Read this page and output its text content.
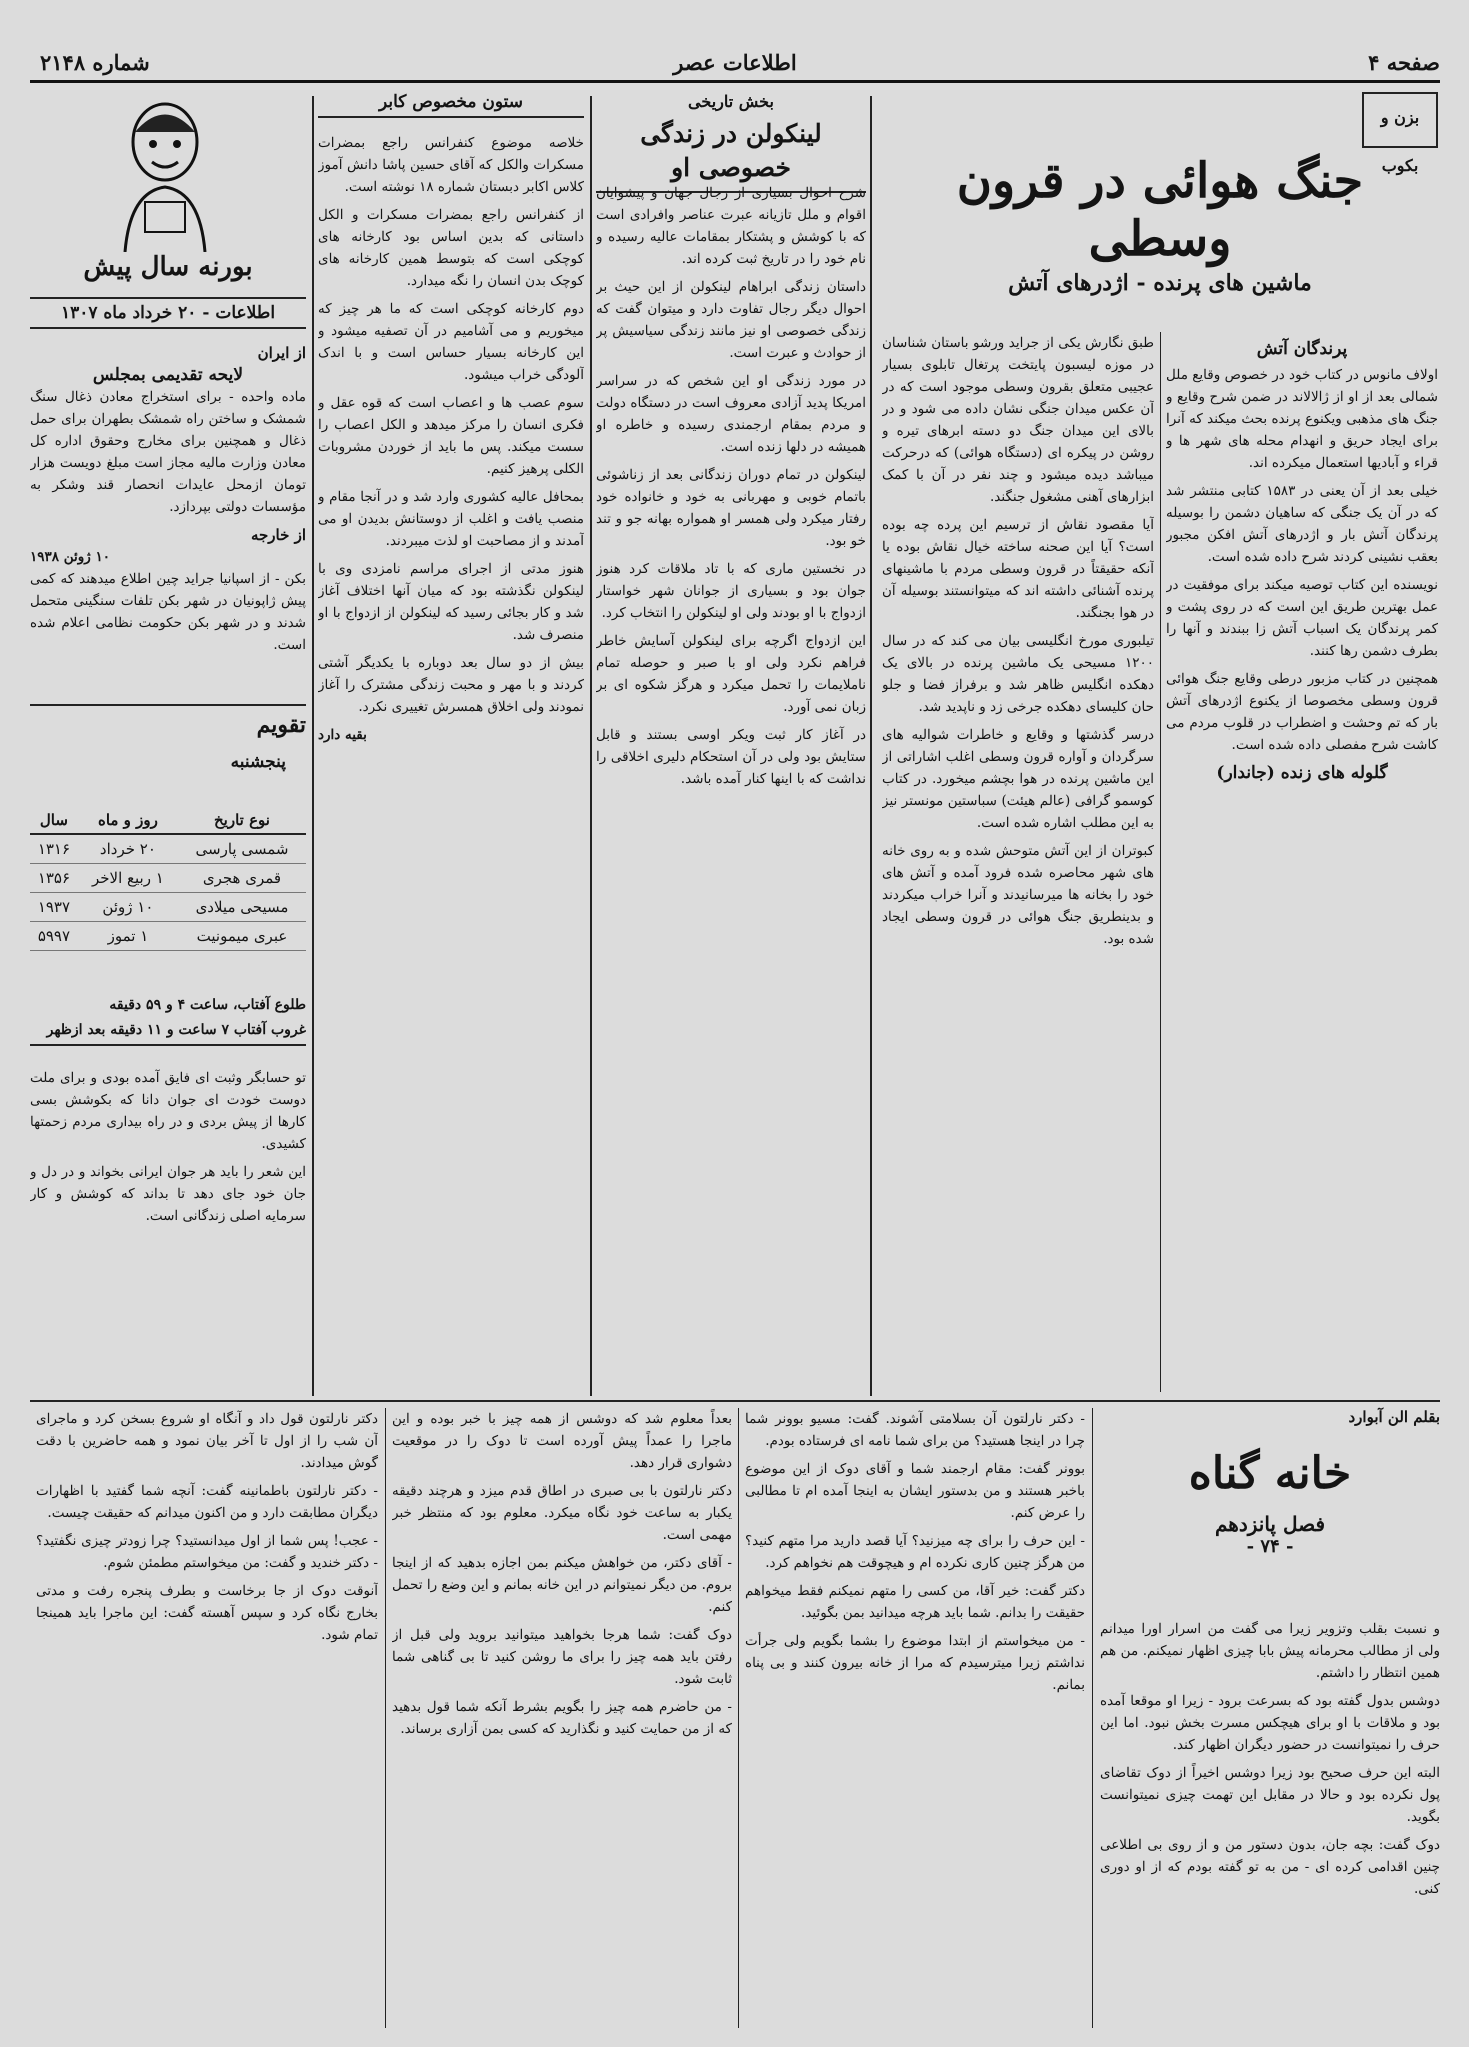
صفحه ۴
اطلاعات عصر
شماره ۲۱۴۸
بزن و بکوب
جنگ هوائی در قرون وسطی
ماشین های پرنده - اژدرهای آتش

طبق نگارش یکی از جراید ورشو باستان شناسان در موزه لیسبون پایتخت پرتغال تابلوی بسیار عجیبی متعلق بقرون وسطی موجود است که در آن عکس میدان جنگی نشان داده می شود و در بالای این میدان جنگ دو دسته ابرهای تیره و روشن در پیکره ای (دستگاه هوائی) که درحرکت میباشد دیده میشود و چند نفر در آن با کمک ابزارهای آهنی مشغول جنگند.

آیا مقصود نقاش از ترسیم این پرده چه بوده است؟ آیا این صحنه ساخته خیال نقاش بوده یا آنکه حقیقتاً در قرون وسطی مردم با ماشینهای پرنده آشنائی داشته اند که میتوانستند بوسیله آن در هوا بجنگند.

تیلبوری مورخ انگلیسی بیان می کند که در سال ۱۲۰۰ مسیحی یک ماشین پرنده در بالای یک دهکده انگلیس ظاهر شد و برفراز فضا و جلو حان کلیسای دهکده جرخی زد و ناپدید شد.

درسر گذشتها و وقایع و خاطرات شوالیه های سرگردان و آواره قرون وسطی اغلب اشاراتی از این ماشین پرنده در هوا بچشم میخورد. در کتاب کوسمو گرافی (عالم هیئت) سباستین مونستر نیز به این مطلب اشاره شده است.

کبوتران از این آتش متوحش شده و به روی خانه های شهر محاصره شده فرود آمده و آتش های خود را بخانه ها میرسانیدند و آنرا خراب میکردند و بدینطریق جنگ هوائی در قرون وسطی ایجاد شده بود.

پرندگان آتش

اولاف مانوس در کتاب خود در خصوص وقایع ملل شمالی بعد از او از ژالالاند در ضمن شرح وقایع و جنگ های مذهبی ویکنوع پرنده بحث میکند که آنرا برای ایجاد حریق و انهدام محله های شهر ها و قراء و آبادیها استعمال میکرده اند.

خیلی بعد از آن یعنی در ۱۵۸۳ کتابی منتشر شد که در آن یک جنگی که ساهیان دشمن را بوسیله پرندگان آتش بار و اژدرهای آتش افکن مجبور بعقب نشینی کردند شرح داده شده است.

نویسنده این کتاب توصیه میکند برای موفقیت در عمل بهترین طریق این است که در روی پشت و کمر پرندگان یک اسباب آتش زا ببندند و آنها را بطرف دشمن رها کنند.

همچنین در کتاب مزبور درطی وقایع جنگ هوائی قرون وسطی مخصوصا از یکنوع اژدرهای آتش بار که تم وحشت و اضطراب در قلوب مردم می کاشت شرح مفصلی داده شده است.

گلوله های زنده (جاندار)
بخش تاریخی
لینکولن در زندگی خصوصی او

شرح احوال بسیاری از رجال جهان و پیشوایان اقوام و ملل تازیانه عبرت عناصر وافرادی است که با کوشش و پشتکار بمقامات عالیه رسیده و نام خود را در تاریخ ثبت کرده اند.

داستان زندگی ابراهام لینکولن از این حیث بر احوال دیگر رجال تفاوت دارد و میتوان گفت که زندگی خصوصی او نیز مانند زندگی سیاسیش پر از حوادث و عبرت است.

در مورد زندگی او این شخص که در سراسر امریکا پدید آزادی معروف است در دستگاه دولت و مردم بمقام ارجمندی رسیده و خاطره او همیشه در دلها زنده است.

لینکولن در تمام دوران زندگانی بعد از زناشوئی باتمام خوبی و مهربانی به خود و خانواده خود رفتار میکرد ولی همسر او همواره بهانه جو و تند خو بود.

در نخستین ماری که با تاد ملاقات کرد هنوز جوان بود و بسیاری از جوانان شهر خواستار ازدواج با او بودند ولی او لینکولن را انتخاب کرد.

این ازدواج اگرچه برای لینکولن آسایش خاطر فراهم نکرد ولی او با صبر و حوصله تمام ناملایمات را تحمل میکرد و هرگز شکوه ای بر زبان نمی آورد.

در آغاز کار ثبت ویکر اوسی بستند و قابل ستایش بود ولی در آن استحکام دلیری اخلاقی را نداشت که با اینها کنار آمده باشد.

ستون مخصوص کابر

خلاصه موضوع کنفرانس راجع بمضرات مسکرات والکل که آقای حسین پاشا دانش آموز کلاس اکابر دبستان شماره ۱۸ نوشته است.

از کنفرانس راجع بمضرات مسکرات و الکل داستانی که بدین اساس بود کارخانه های کوچکی است که بتوسط همین کارخانه های کوچک بدن انسان را نگه میدارد.

دوم کارخانه کوچکی است که ما هر چیز که میخوریم و می آشامیم در آن تصفیه میشود و این کارخانه بسیار حساس است و با اندک آلودگی خراب میشود.

سوم عصب ها و اعصاب است که قوه عقل و فکری انسان را مرکز میدهد و الکل اعصاب را سست میکند. پس ما باید از خوردن مشروبات الکلی پرهیز کنیم.

بمحافل عالیه کشوری وارد شد و در آنجا مقام و منصب یافت و اغلب از دوستانش بدیدن او می آمدند و از مصاحبت او لذت میبردند.

هنوز مدتی از اجرای مراسم نامزدی وی با لینکولن نگذشته بود که میان آنها اختلاف آغاز شد و کار بجائی رسید که لینکولن از ازدواج با او منصرف شد.

بیش از دو سال بعد دوباره با یکدیگر آشتی کردند و با مهر و محبت زندگی مشترک را آغاز نمودند ولی اخلاق همسرش تغییری نکرد.

بقیه دارد

بورنه سال پیش
اطلاعات - ۲۰ خرداد ماه ۱۳۰۷
از ایران
لایحه تقدیمی بمجلس

ماده واحده - برای استخراج معادن ذغال سنگ شمشک و ساختن راه شمشک بطهران برای حمل ذغال و همچنین برای مخارج وحقوق اداره کل معادن وزارت مالیه مجاز است مبلغ دویست هزار تومان ازمحل عایدات انحصار قند وشکر به مؤسسات دولتی بپردازد.

از خارجه
۱۰ ژوئن ۱۹۳۸

بکن - از اسپانیا جراید چین اطلاع میدهند که کمی پیش ژاپونیان در شهر بکن تلفات سنگینی متحمل شدند و در شهر بکن حکومت نظامی اعلام شده است.

تقویم
پنجشنبه
نوع تاریخ	روز و ماه	سال
شمسی پارسی	۲۰ خرداد	۱۳۱۶
قمری هجری	۱ ربیع الاخر	۱۳۵۶
مسیحی میلادی	۱۰ ژوئن	۱۹۳۷
عبری میمونیت	۱ تموز	۵۹۹۷
طلوع آفتاب، ساعت ۴ و ۵۹ دقیقه
غروب آفتاب ۷ ساعت و ۱۱ دقیقه بعد ازظهر

تو حسابگر وثبت ای فایق آمده بودی و برای ملت دوست خودت ای جوان دانا که بکوشش بسی کارها از پیش بردی و در راه بیداری مردم زحمتها کشیدی.

این شعر را باید هر جوان ایرانی بخواند و در دل و جان خود جای دهد تا بداند که کوشش و کار سرمایه اصلی زندگانی است.

بقلم الن آبوارد
خانه گناه
فصل پانزدهم
- ۷۴ -

و نسبت بقلب وتزویر زیرا می گفت من اسرار اورا میدانم ولی از مطالب محرمانه پیش بابا چیزی اظهار نمیکنم. من هم همین انتظار را داشتم.

دوشس بدول گفته بود که بسرعت برود - زیرا او موقعا آمده بود و ملاقات با او برای هیچکس مسرت بخش نبود. اما این حرف را نمیتوانست در حضور دیگران اظهار کند.

البته این حرف صحیح بود زیرا دوشس اخیراً از دوک تقاضای پول نکرده بود و حالا در مقابل این تهمت چیزی نمیتوانست بگوید.

دوک گفت: بچه جان، بدون دستور من و از روی بی اطلاعی چنین اقدامی کرده ای - من به تو گفته بودم که از او دوری کنی.

- دکتر نارلتون آن بسلامتی آشوند. گفت: مسیو بوونر شما چرا در اینجا هستید؟ من برای شما نامه ای فرستاده بودم.

بوونر گفت: مقام ارجمند شما و آقای دوک از این موضوع باخبر هستند و من بدستور ایشان به اینجا آمده ام تا مطالبی را عرض کنم.

- این حرف را برای چه میزنید؟ آیا قصد دارید مرا متهم کنید؟ من هرگز چنین کاری نکرده ام و هیچوقت هم نخواهم کرد.

دکتر گفت: خیر آقا، من کسی را متهم نمیکنم فقط میخواهم حقیقت را بدانم. شما باید هرچه میدانید بمن بگوئید.

- من میخواستم از ابتدا موضوع را بشما بگویم ولی جرأت نداشتم زیرا میترسیدم که مرا از خانه بیرون کنند و بی پناه بمانم.

بعداً معلوم شد که دوشس از همه چیز با خبر بوده و این ماجرا را عمداً پیش آورده است تا دوک را در موقعیت دشواری قرار دهد.

دکتر نارلتون با بی صبری در اطاق قدم میزد و هرچند دقیقه یکبار به ساعت خود نگاه میکرد. معلوم بود که منتظر خبر مهمی است.

- آقای دکتر، من خواهش میکنم بمن اجازه بدهید که از اینجا بروم. من دیگر نمیتوانم در این خانه بمانم و این وضع را تحمل کنم.

دوک گفت: شما هرجا بخواهید میتوانید بروید ولی قبل از رفتن باید همه چیز را برای ما روشن کنید تا بی گناهی شما ثابت شود.

- من حاضرم همه چیز را بگویم بشرط آنکه شما قول بدهید که از من حمایت کنید و نگذارید که کسی بمن آزاری برساند.

دکتر نارلتون قول داد و آنگاه او شروع بسخن کرد و ماجرای آن شب را از اول تا آخر بیان نمود و همه حاضرین با دقت گوش میدادند.

- دکتر نارلتون باطمانینه گفت: آنچه شما گفتید با اظهارات دیگران مطابقت دارد و من اکنون میدانم که حقیقت چیست.

- عجب! پس شما از اول میدانستید؟ چرا زودتر چیزی نگفتید؟ - دکتر خندید و گفت: من میخواستم مطمئن شوم.

آنوقت دوک از جا برخاست و بطرف پنجره رفت و مدتی بخارج نگاه کرد و سپس آهسته گفت: این ماجرا باید همینجا تمام شود.
